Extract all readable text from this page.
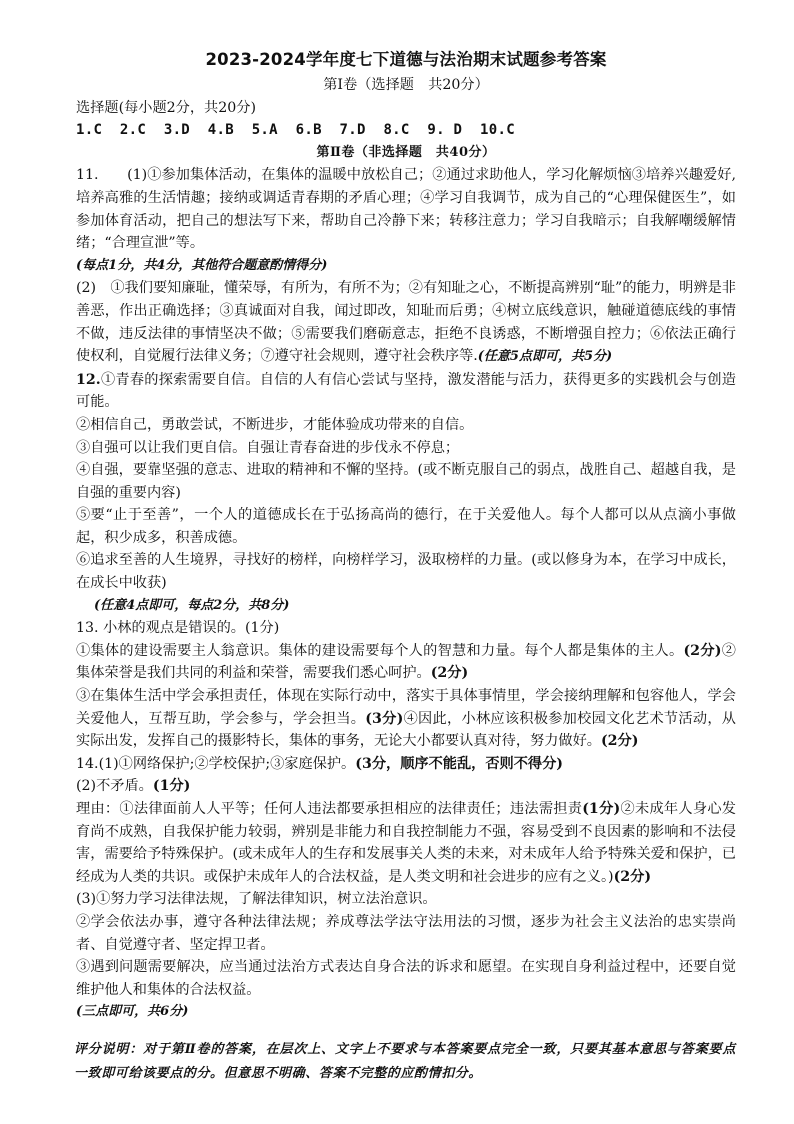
2023-2024学年度七下道德与法治期末试题参考答案
第Ⅰ卷（选择题　共20分）

选择题(每小题2分，共20分)

1.C 2.C 3.D 4.B 5.A 6.B 7.D 8.C 9. D 10.C

第Ⅱ卷（非选择题　共40分）

11.　　(1)①参加集体活动，在集体的温暖中放松自己；②通过求助他人，学习化解烦恼③培养兴趣爱好,培养高雅的生活情趣；接纳或调适青春期的矛盾心理；④学习自我调节，成为自己的“心理保健医生”，如参加体育活动，把自己的想法写下来，帮助自己冷静下来；转移注意力；学习自我暗示；自我解嘲缓解情绪；“合理宣泄”等。

(每点1分，共4分，其他符合题意酌情得分)

(2)　①我们要知廉耻，懂荣辱，有所为，有所不为；②有知耻之心，不断提高辨别“耻”的能力，明辨是非善恶，作出正确选择；③真诚面对自我，闻过即改，知耻而后勇；④树立底线意识，触碰道德底线的事情不做，违反法律的事情坚决不做；⑤需要我们磨砺意志，拒绝不良诱惑，不断增强自控力；⑥依法正确行使权利，自觉履行法律义务；⑦遵守社会规则，遵守社会秩序等.(任意5点即可，共5分)

12.①青春的探索需要自信。自信的人有信心尝试与坚持，激发潜能与活力，获得更多的实践机会与创造可能。

②相信自己，勇敢尝试，不断进步，才能体验成功带来的自信。

③自强可以让我们更自信。自强让青春奋进的步伐永不停息；

④自强，要靠坚强的意志、进取的精神和不懈的坚持。(或不断克服自己的弱点，战胜自己、超越自我，是自强的重要内容)

⑤要“止于至善”，一个人的道德成长在于弘扬高尚的德行，在于关爱他人。每个人都可以从点滴小事做起，积少成多，积善成德。

⑥追求至善的人生境界，寻找好的榜样，向榜样学习，汲取榜样的力量。(或以修身为本，在学习中成长，在成长中收获)

(任意4点即可，每点2分，共8分)

13. 小林的观点是错误的。(1分)

①集体的建设需要主人翁意识。集体的建设需要每个人的智慧和力量。每个人都是集体的主人。(2分)②集体荣誉是我们共同的利益和荣誉，需要我们悉心呵护。(2分)

③在集体生活中学会承担责任，体现在实际行动中，落实于具体事情里，学会接纳理解和包容他人，学会关爱他人，互帮互助，学会参与，学会担当。(3分)④因此，小林应该积极参加校园文化艺术节活动，从实际出发，发挥自己的摄影特长，集体的事务，无论大小都要认真对待，努力做好。(2分)

14.(1)①网络保护;②学校保护;③家庭保护。(3分，顺序不能乱，否则不得分)

(2)不矛盾。(1分)

理由：①法律面前人人平等；任何人违法都要承担相应的法律责任；违法需担责(1分)②未成年人身心发育尚不成熟，自我保护能力较弱，辨别是非能力和自我控制能力不强，容易受到不良因素的影响和不法侵害，需要给予特殊保护。(或未成年人的生存和发展事关人类的未来，对未成年人给予特殊关爱和保护，已经成为人类的共识。或保护未成年人的合法权益，是人类文明和社会进步的应有之义。)(2分)

(3)①努力学习法律法规，了解法律知识，树立法治意识。

②学会依法办事，遵守各种法律法规；养成尊法学法守法用法的习惯，逐步为社会主义法治的忠实崇尚者、自觉遵守者、坚定捍卫者。

③遇到问题需要解决，应当通过法治方式表达自身合法的诉求和愿望。在实现自身利益过程中，还要自觉维护他人和集体的合法权益。

(三点即可，共6分)

评分说明：对于第Ⅱ卷的答案，在层次上、文字上不要求与本答案要点完全一致，只要其基本意思与答案要点一致即可给该要点的分。但意思不明确、答案不完整的应酌情扣分。
